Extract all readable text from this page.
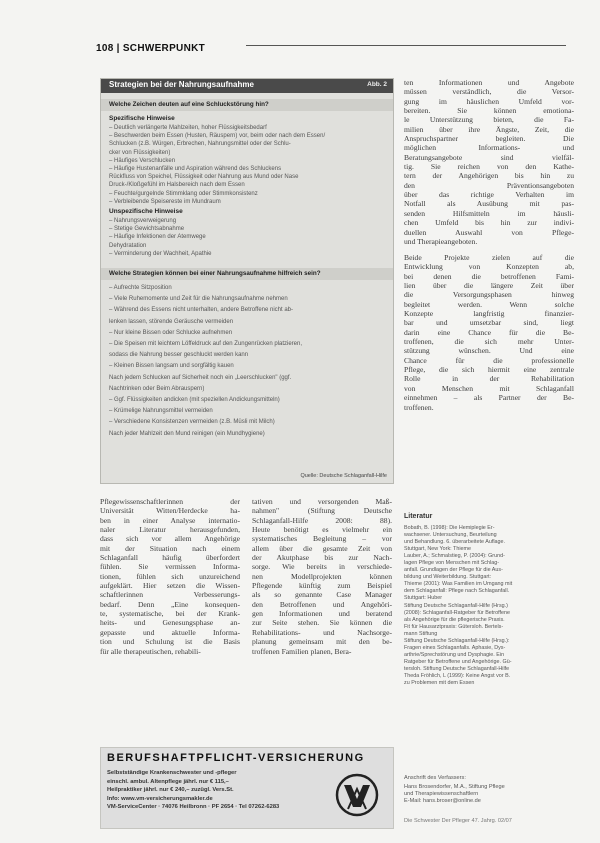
108 | SCHWERPUNKT
Strategien bei der Nahrungsaufnahme	Abb. 2
Welche Zeichen deuten auf eine Schluckstörung hin?
Spezifische Hinweise
– Deutlich verlängerte Mahlzeiten, hoher Flüssigkeitsbedarf
– Beschwerden beim Essen (Husten, Räuspern) vor, beim oder nach dem Essen/
Schlucken (z.B. Würgen, Erbrechen, Nahrungsmittel oder der Schlu-
cker von Flüssigkeiten)
– Häufiges Verschlucken
– Häufige Hustenanfälle und Aspiration während des Schluckens
Rückfluss von Speichel, Flüssigkeit oder Nahrung aus Mund oder Nase
Druck-/Kloßgefühl im Halsbereich nach dem Essen
– Feuchte/gurgelnde Stimmklang oder Stimmkonsistenz
– Verbleibende Speisereste im Mundraum
Unspezifische Hinweise
– Nahrungsverweigerung
– Stetige Gewichtsabnahme
– Häufige Infektionen der Atemwege
Dehydratation
– Verminderung der Wachheit, Apathie
Welche Strategien können bei einer Nahrungsaufnahme hilfreich sein?
– Aufrechte Sitzposition
– Viele Ruhemomente und Zeit für die Nahrungsaufnahme nehmen
– Während des Essens nicht unterhalten, andere Betroffene nicht ab-
lenken lassen, störende Geräusche vermeiden
– Nur kleine Bissen oder Schlucke aufnehmen
– Die Speisen mit leichtem Löffeldruck auf den Zungenrücken platzieren,
sodass die Nahrung besser geschluckt werden kann
– Kleinen Bissen langsam und sorgfältig kauen
Nach jedem Schlucken auf Sicherheit noch ein „Leerschlucken" (ggf.
Nachtrinken oder Beim Abrauspern)
– Ggf. Flüssigkeiten andicken (mit speziellen Andickungsmitteln)
– Krümelige Nahrungsmittel vermeiden
– Verschiedene Konsistenzen vermeiden (z.B. Müsli mit Milch)
Nach jeder Mahlzeit den Mund reinigen (ein Mundhygiene)
Quelle: Deutsche Schlaganfall-Hilfe
ten Informationen und Angebote
müssen verständlich, die Versor-
gung im häuslichen Umfeld vor-
bereiten. Sie können emotiona-
le Unterstützung bieten, die Fa-
milien über ihre Ängste, Zeit, die
Anspruchspartner begleiten. Die
möglichen Informations- und
Beratungsangebote sind vielfäl-
tig. Sie reichen von den Kathe-
tern der Angehörigen bis hin zu
den Präventionsangeboten
über das richtige Verhalten im
Notfall als Ausübung mit pas-
senden Hilfsmitteln im häusli-
chen Umfeld bis hin zur indivi-
duellen Auswahl von Pflege-
und Therapieangeboten.
Beide Projekte zielen auf die
Entwicklung von Konzepten ab,
bei denen die betroffenen Fami-
lien über die längere Zeit über
die Versorgungsphasen hinweg
begleitet werden. Wenn solche
Konzepte langfristig finanzier-
bar und umsetzbar sind, liegt
darin eine Chance für die Be-
troffenen, die sich mehr Unter-
stützung wünschen. Und eine
Chance für die professionelle
Pflege, die sich hiermit eine zentrale
Rolle in der Rehabilitation
von Menschen mit Schlaganfall
einnehmen – als Partner der Be-
troffenen.
Pflegewissenschaftlerinnen der
Universität Witten/Herdecke ha-
ben in einer Analyse internatio-
naler Literatur herausgefunden,
dass sich vor allem Angehörige
mit der Situation nach einem
Schlaganfall häufig überfordert
fühlen. Sie vermissen Informa-
tionen, fühlen sich unzureichend
aufgeklärt. Hier setzen die Wissen-
schaftlerinnen Verbesserungs-
bedarf. Denn „Eine konsequen-
te, systematische, bei der Krank-
heits- und Genesungsphase an-
gepasste und aktuelle Informa-
tion und Schulung ist die Basis
für alle therapeutischen, rehabili-
tativen und versorgenden Maß-
nahmen" (Stiftung Deutsche
Schlaganfall-Hilfe 2008: 88).
Heute benötigt es vielmehr ein
systematisches Begleitung – vor
allem über die gesamte Zeit von
der Akutphase bis zur Nach-
sorge. Wie bereits in verschiede-
nen Modellprojekten können
Pflegende künftig zum Beispiel
als so genannte Case Manager
den Betroffenen und Angehöri-
gen Informationen und beratend
zur Seite stehen. Sie können die
Rehabilitations- und Nachsorge-
planung gemeinsam mit den be-
troffenen Familien planen, Bera-
Literatur
Bobath, B. (1998): Die Hemiplegie Er-
wachsener. Untersuchung, Beurteilung
und Behandlung. 6. überarbeitete Auflage.
Stuttgart, New York: Thieme
Lauber, A.; Schmalstieg, P. (2004): Grund-
lagen Pflege von Menschen mit Schlag-
anfall. Grundlagen der Pflege für die Aus-
bildung und Weiterbildung. Stuttgart:
Thieme (2001): Was Familien im Umgang mit
dem Schlaganfall: Pflege nach Schlaganfall.
Stuttgart: Huber
Stiftung Deutsche Schlaganfall-Hilfe (Hrsg.)
(2008): Schlaganfall-Ratgeber für Betroffene
als Angehörige für die pflegerische Praxis.
Fit für Hausarztpraxis: Gütersloh. Bertels-
mann Stiftung
Stiftung Deutsche Schlaganfall-Hilfe (Hrsg.):
Fragen eines Schlaganfalls. Aphasie, Dys-
arthrie/Sprechstörung und Dysphagie. Ein
Ratgeber für Betroffene und Angehörige. Gü-
tersloh. Stiftung Deutsche Schlaganfall-Hilfe
Theda Fröhlich, L (1999): Keine Angst vor B.
zu Problemen mit dem Essen
BERUFSHAFTPFLICHT-VERSICHERUNG
Selbstständige Krankenschwester und -pfleger
einschl. ambul. Altenpflege jährl. nur € 115,–
Heilpraktiker jährl. nur € 240,– zuzügl. Vers.St.
Info: www.vm-versicherungsmakler.de
VM-ServiceCenter · 74076 Heilbronn · PF 2654 · Tel 07262-6283
Anschrift des Verfassers:
Hans Brosendorfer, M.A., Stiftung Pflege
und Therapiewissenschaftlern
E-Mail: hans.broser@online.de
Die Schwester Der Pfleger 47. Jahrg. 02/07
